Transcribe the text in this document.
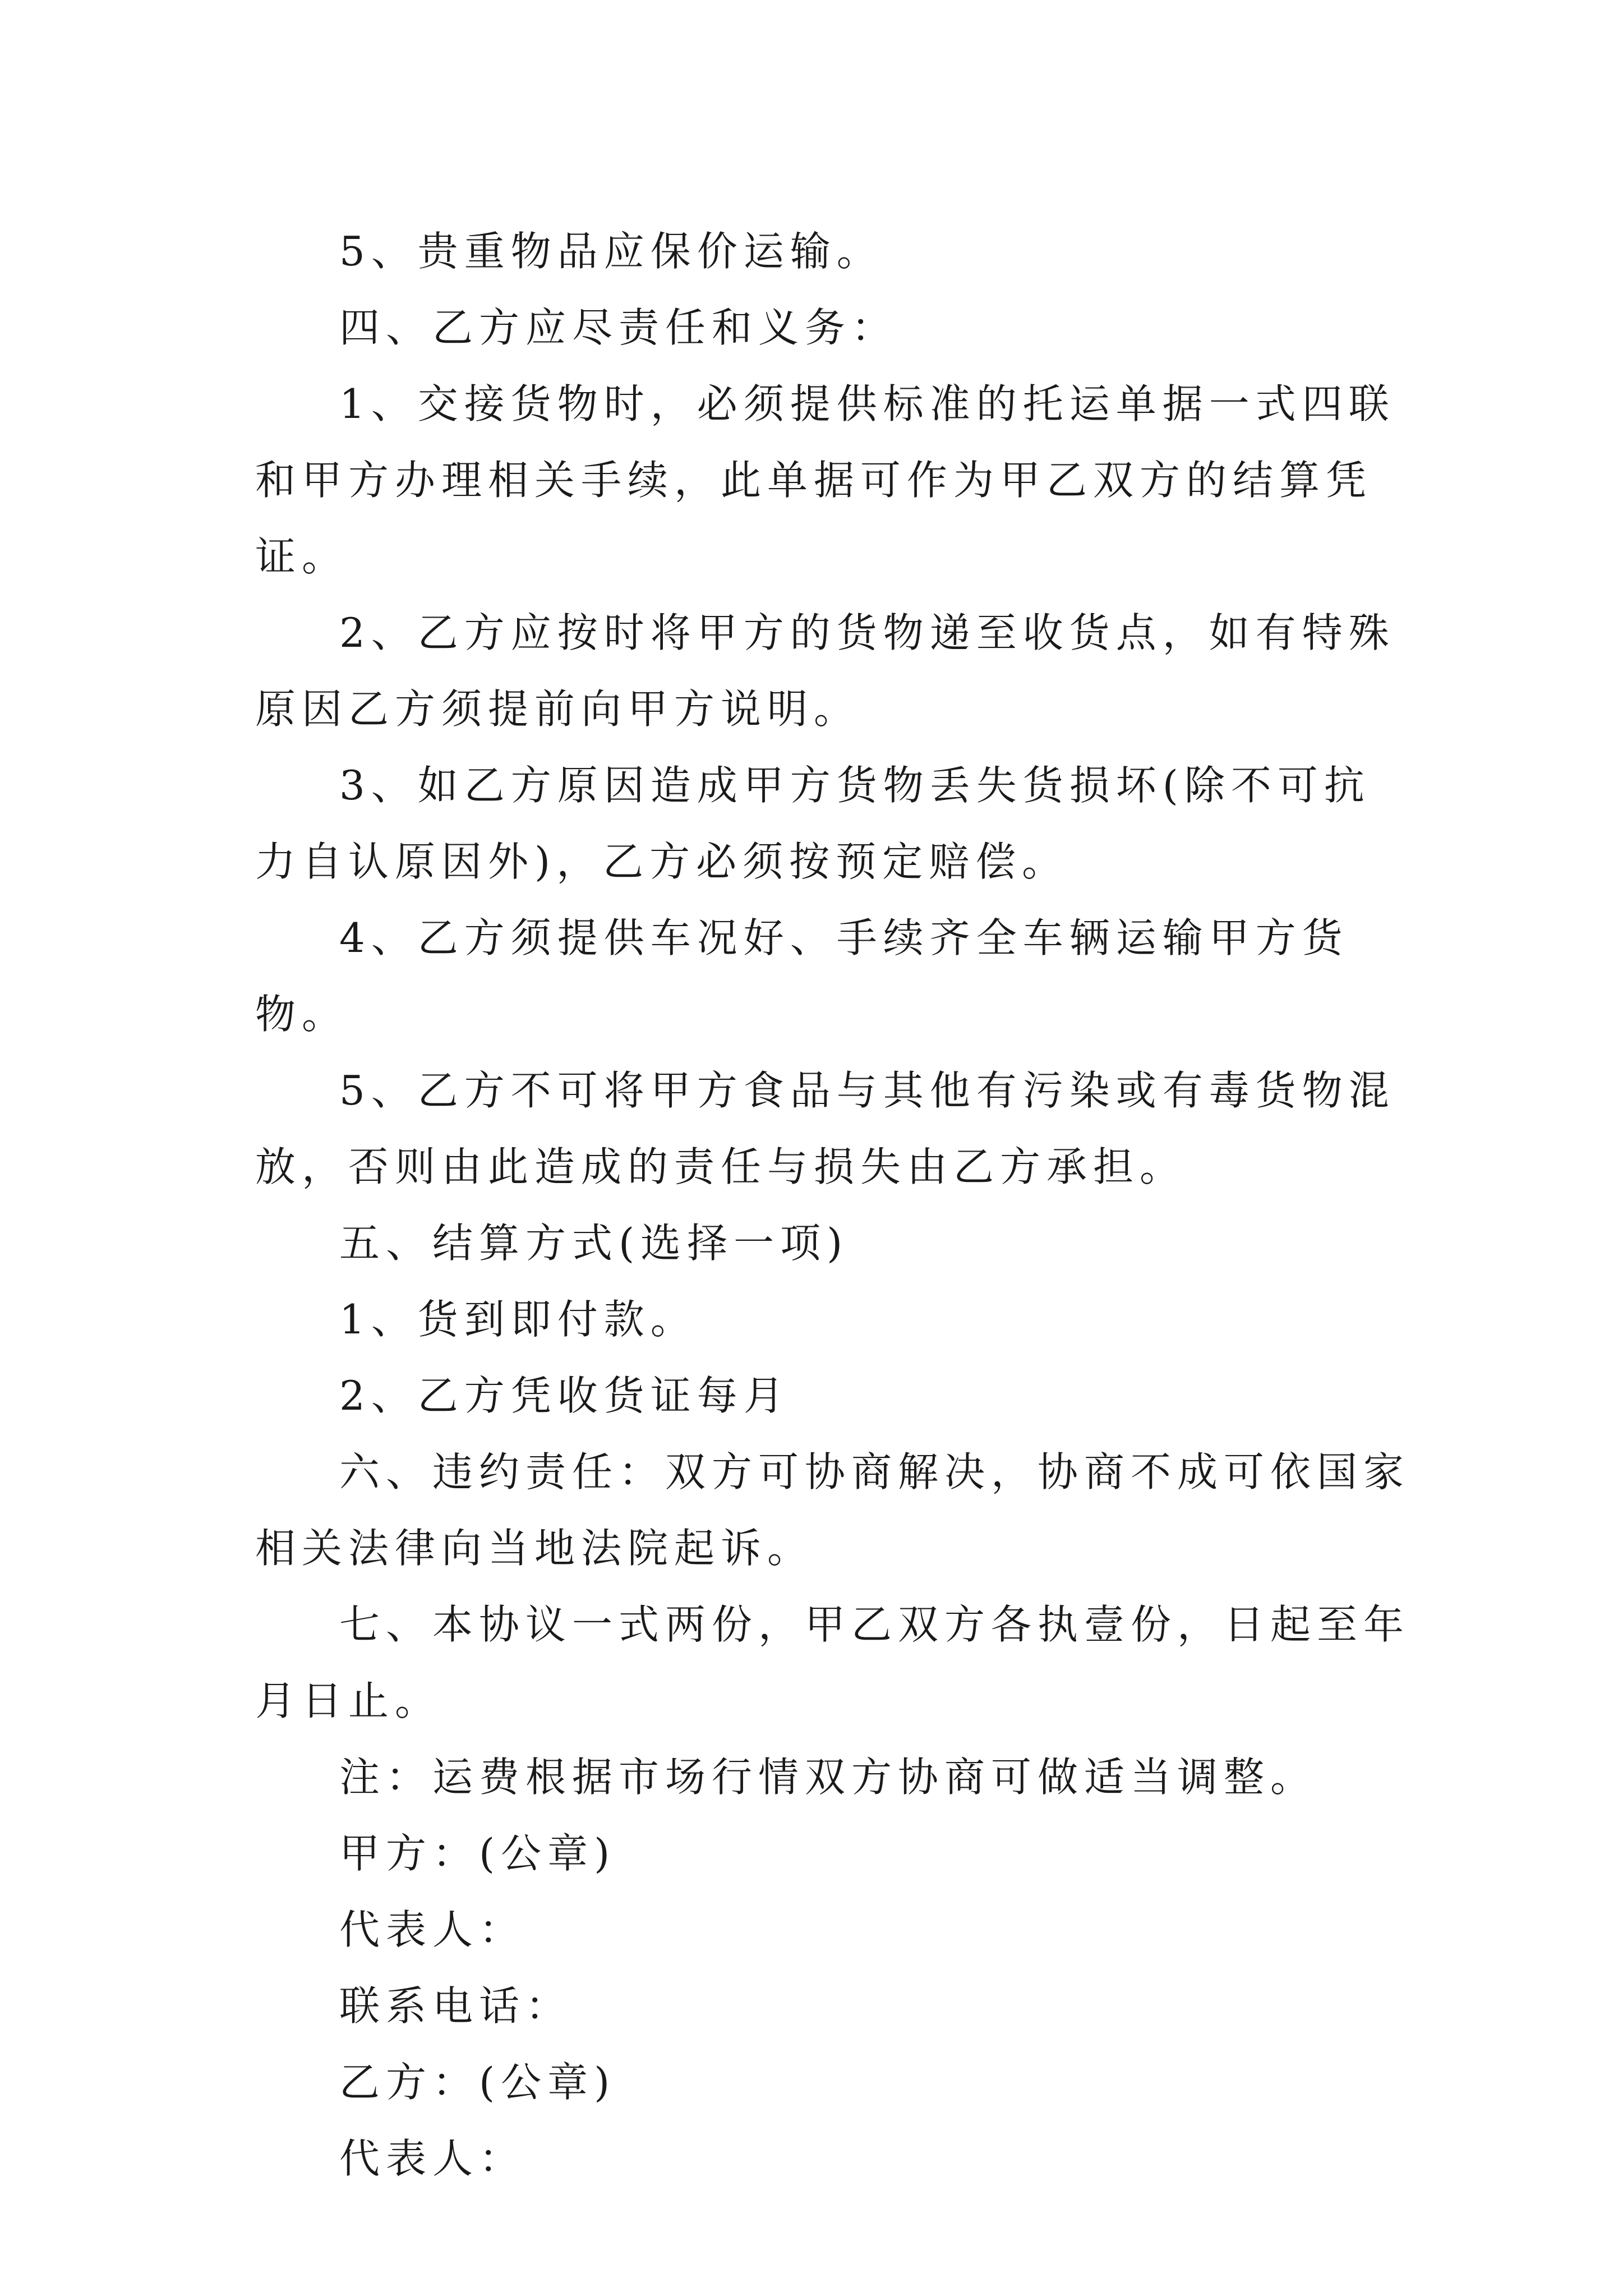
5、贵重物品应保价运输。

四、乙方应尽责任和义务：

1、交接货物时，必须提供标准的托运单据一式四联和甲方办理相关手续，此单据可作为甲乙双方的结算凭证。

2、乙方应按时将甲方的货物递至收货点，如有特殊原因乙方须提前向甲方说明。

3、如乙方原因造成甲方货物丢失货损坏(除不可抗力自认原因外)，乙方必须按预定赔偿。

4、乙方须提供车况好、手续齐全车辆运输甲方货物。

5、乙方不可将甲方食品与其他有污染或有毒货物混放，否则由此造成的责任与损失由乙方承担。

五、结算方式(选择一项)

1、货到即付款。

2、乙方凭收货证每月

六、违约责任：双方可协商解决，协商不成可依国家相关法律向当地法院起诉。

七、本协议一式两份，甲乙双方各执壹份，日起至年月日止。

注：运费根据市场行情双方协商可做适当调整。

甲方：(公章)

代表人：

联系电话：

乙方：(公章)

代表人：
